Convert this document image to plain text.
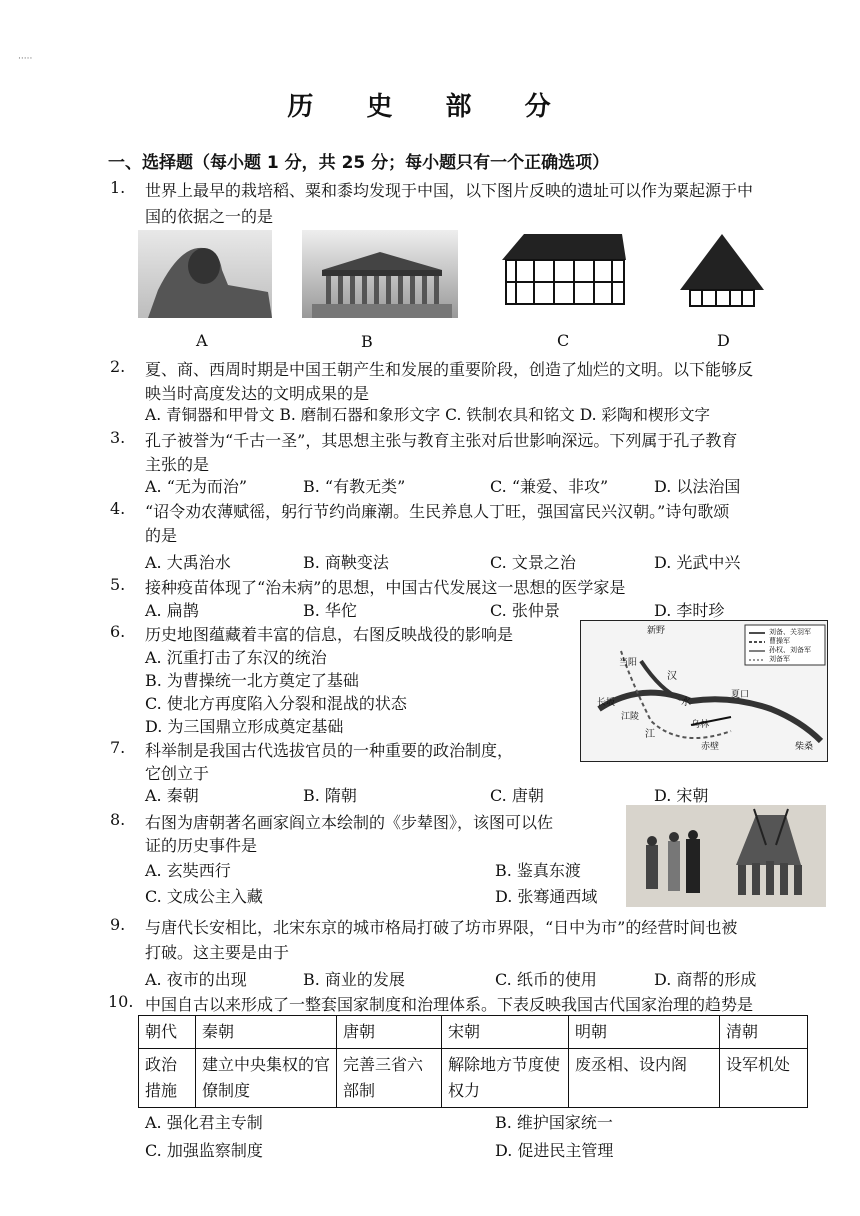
·····
历 史 部 分
一、选择题（每小题 1 分，共 25 分；每小题只有一个正确选项）
1. 世界上最早的栽培稻、粟和黍均发现于中国，以下图片反映的遗址可以作为粟起源于中
国的依据之一的是
A	B	C	D
2. 夏、商、西周时期是中国王朝产生和发展的重要阶段，创造了灿烂的文明。以下能够反
映当时高度发达的文明成果的是
A. 青铜器和甲骨文 B. 磨制石器和象形文字 C. 铁制农具和铭文 D. 彩陶和楔形文字
3. 孔子被誉为“千古一圣”，其思想主张与教育主张对后世影响深远。下列属于孔子教育
主张的是
A. “无为而治”	B. “有教无类”	C. “兼爱、非攻”	D. 以法治国
4. “诏令劝农薄赋徭，躬行节约尚廉潮。生民养息人丁旺，强国富民兴汉朝。”诗句歌颂
的是
A. 大禹治水	B. 商鞅变法	C. 文景之治	D. 光武中兴
5. 接种疫苗体现了“治未病”的思想，中国古代发展这一思想的医学家是
A. 扁鹊	B. 华佗	C. 张仲景	D. 李时珍
6. 历史地图蕴藏着丰富的信息，右图反映战役的影响是
A. 沉重打击了东汉的统治
B. 为曹操统一北方奠定了基础
C. 使北方再度陷入分裂和混战的状态
D. 为三国鼎立形成奠定基础
新野
当阳
汉
夏口
长坂
江陵
乌林
赤壁	柴桑
水
江
刘备、关羽军
曹操军
孙权、刘备军
刘备军
7. 科举制是我国古代选拔官员的一种重要的政治制度，
它创立于
A. 秦朝	B. 隋朝	C. 唐朝	D. 宋朝
8. 右图为唐朝著名画家阎立本绘制的《步辇图》，该图可以佐
证的历史事件是
A. 玄奘西行	B. 鉴真东渡
C. 文成公主入藏	D. 张骞通西域
9. 与唐代长安相比，北宋东京的城市格局打破了坊市界限，“日中为市”的经营时间也被
打破。这主要是由于
A. 夜市的出现	B. 商业的发展	C. 纸币的使用	D. 商帮的形成
10. 中国自古以来形成了一整套国家制度和治理体系。下表反映我国古代国家治理的趋势是
朝代	秦朝	唐朝	宋朝	明朝	清朝
政治措施	建立中央集权的官僚制度	完善三省六部制	解除地方节度使权力	废丞相、设内阁	设军机处
A. 强化君主专制	B. 维护国家统一
C. 加强监察制度	D. 促进民主管理
